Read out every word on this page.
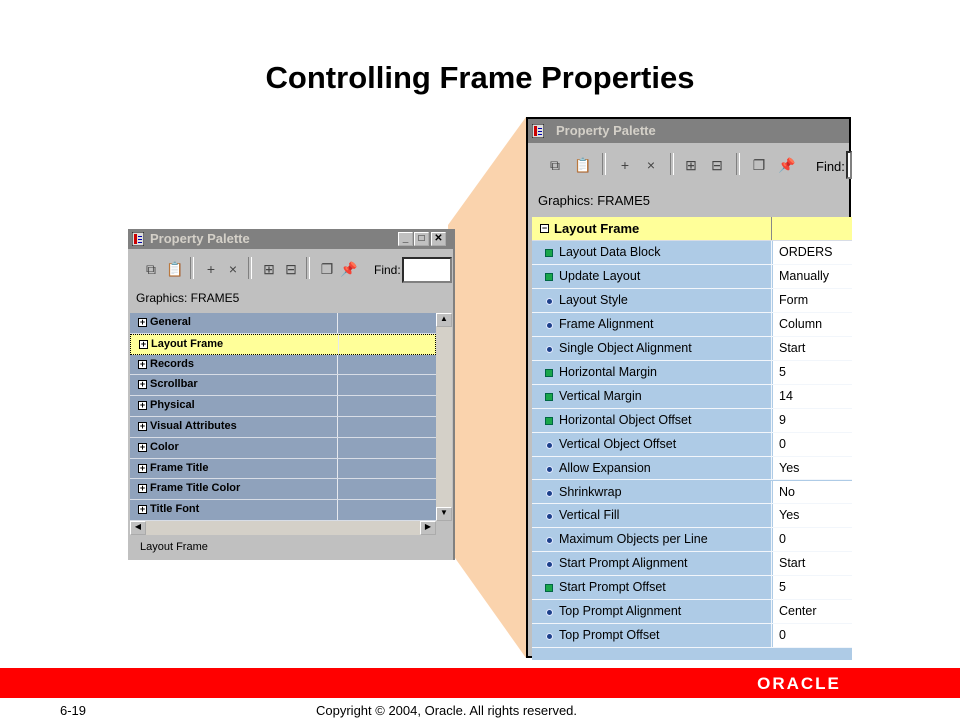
Controlling Frame Properties
Property Palette	_	□ ✕
⧉ 📋	+ ×	⊞ ⊟	❐ 📌 Find:
Graphics: FRAME5
+ General
+ Layout Frame
+ Records
+ Scrollbar
+ Physical
+ Visual Attributes
+ Color
+ Frame Title
+ Frame Title Color
+ Title Font
▲
▼
◀	▶
Layout Frame
Property Palette
⧉	📋	+	×	⊞	⊟	❐ 📌 Find:
Graphics: FRAME5
− Layout Frame
Layout Data Block	ORDERS
Update Layout	Manually
Layout Style	Form
Frame Alignment	Column
Single Object Alignment	Start
Horizontal Margin	5
Vertical Margin	14
Horizontal Object Offset	9
Vertical Object Offset	0
Allow Expansion	Yes
Shrinkwrap	No
Vertical Fill	Yes
Maximum Objects per Line	0
Start Prompt Alignment	Start
Start Prompt Offset	5
Top Prompt Alignment	Center
Top Prompt Offset	0
ORACLE
6-19	Copyright © 2004, Oracle. All rights reserved.
